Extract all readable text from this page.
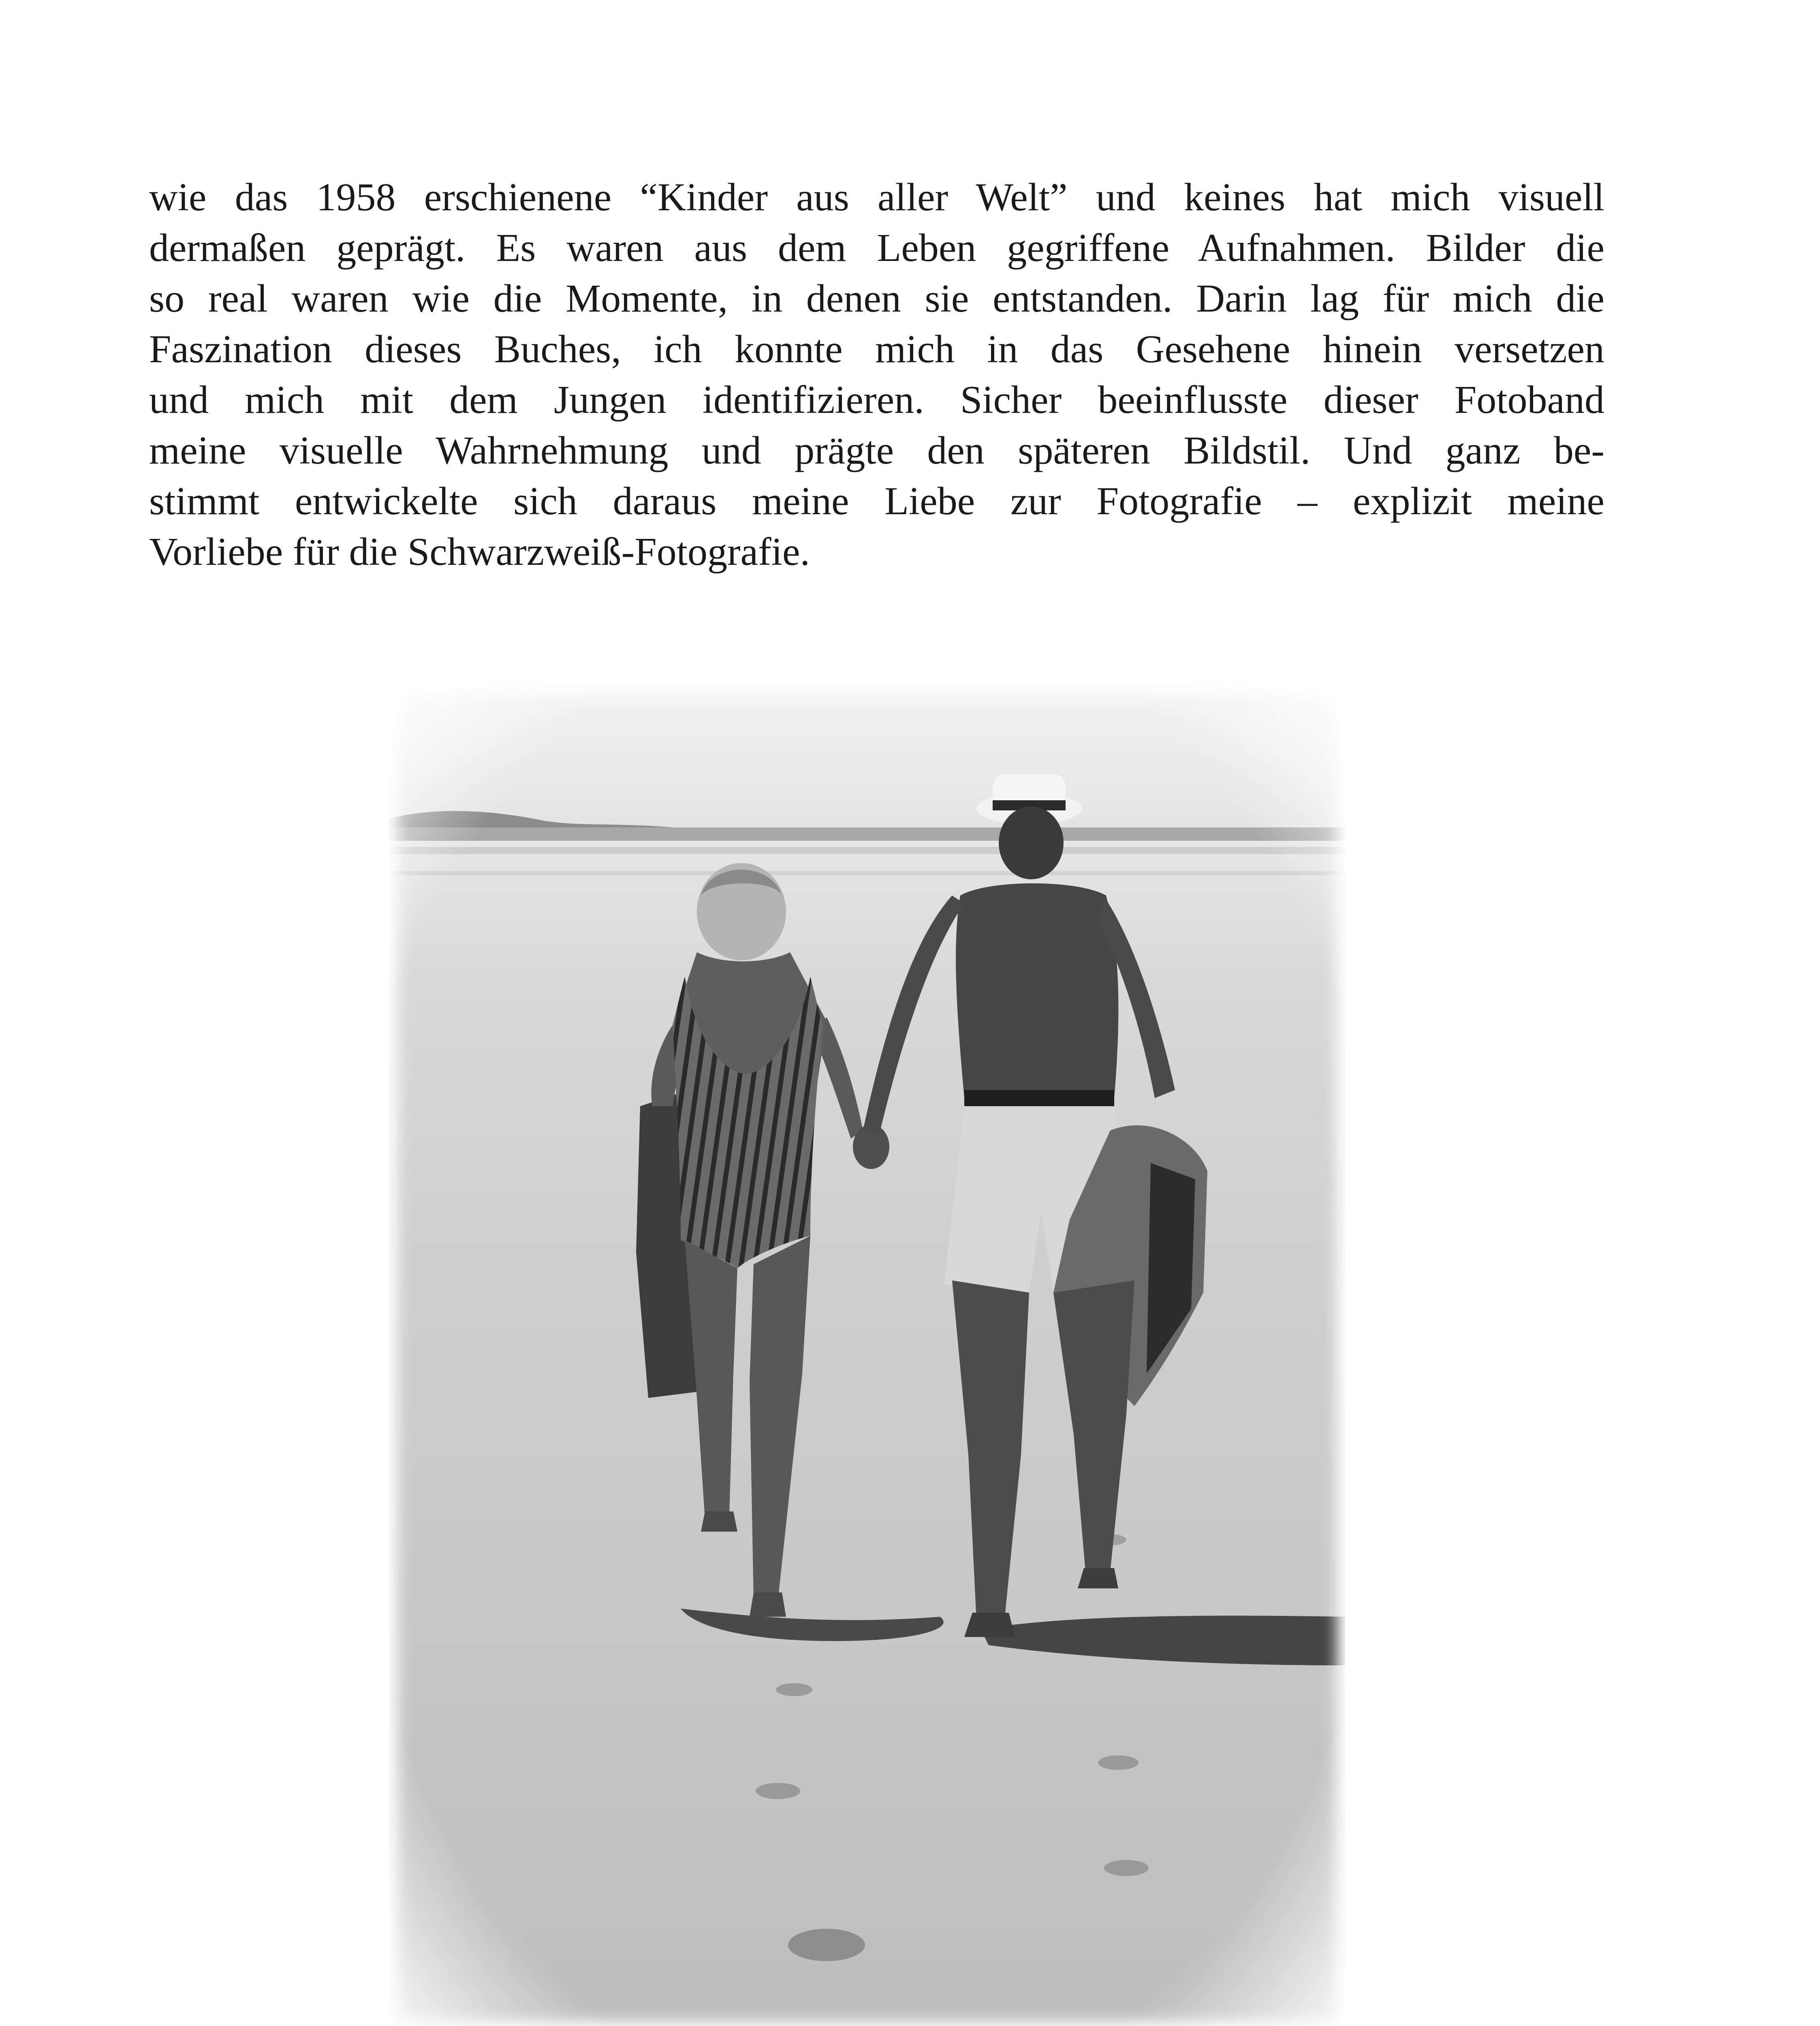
wie das 1958 erschienene “Kinder aus aller Welt” und keines hat mich visuell
dermaßen geprägt. Es waren aus dem Leben gegriffene Aufnahmen. Bilder die
so real waren wie die Momente, in denen sie entstanden. Darin lag für mich die
Faszination dieses Buches, ich konnte mich in das Gesehene hinein versetzen
und mich mit dem Jungen identifizieren. Sicher beeinflusste dieser Fotoband
meine visuelle Wahrnehmung und prägte den späteren Bildstil. Und ganz be-
stimmt entwickelte sich daraus meine Liebe zur Fotografie – explizit meine
Vorliebe für die Schwarzweiß-Fotografie.
